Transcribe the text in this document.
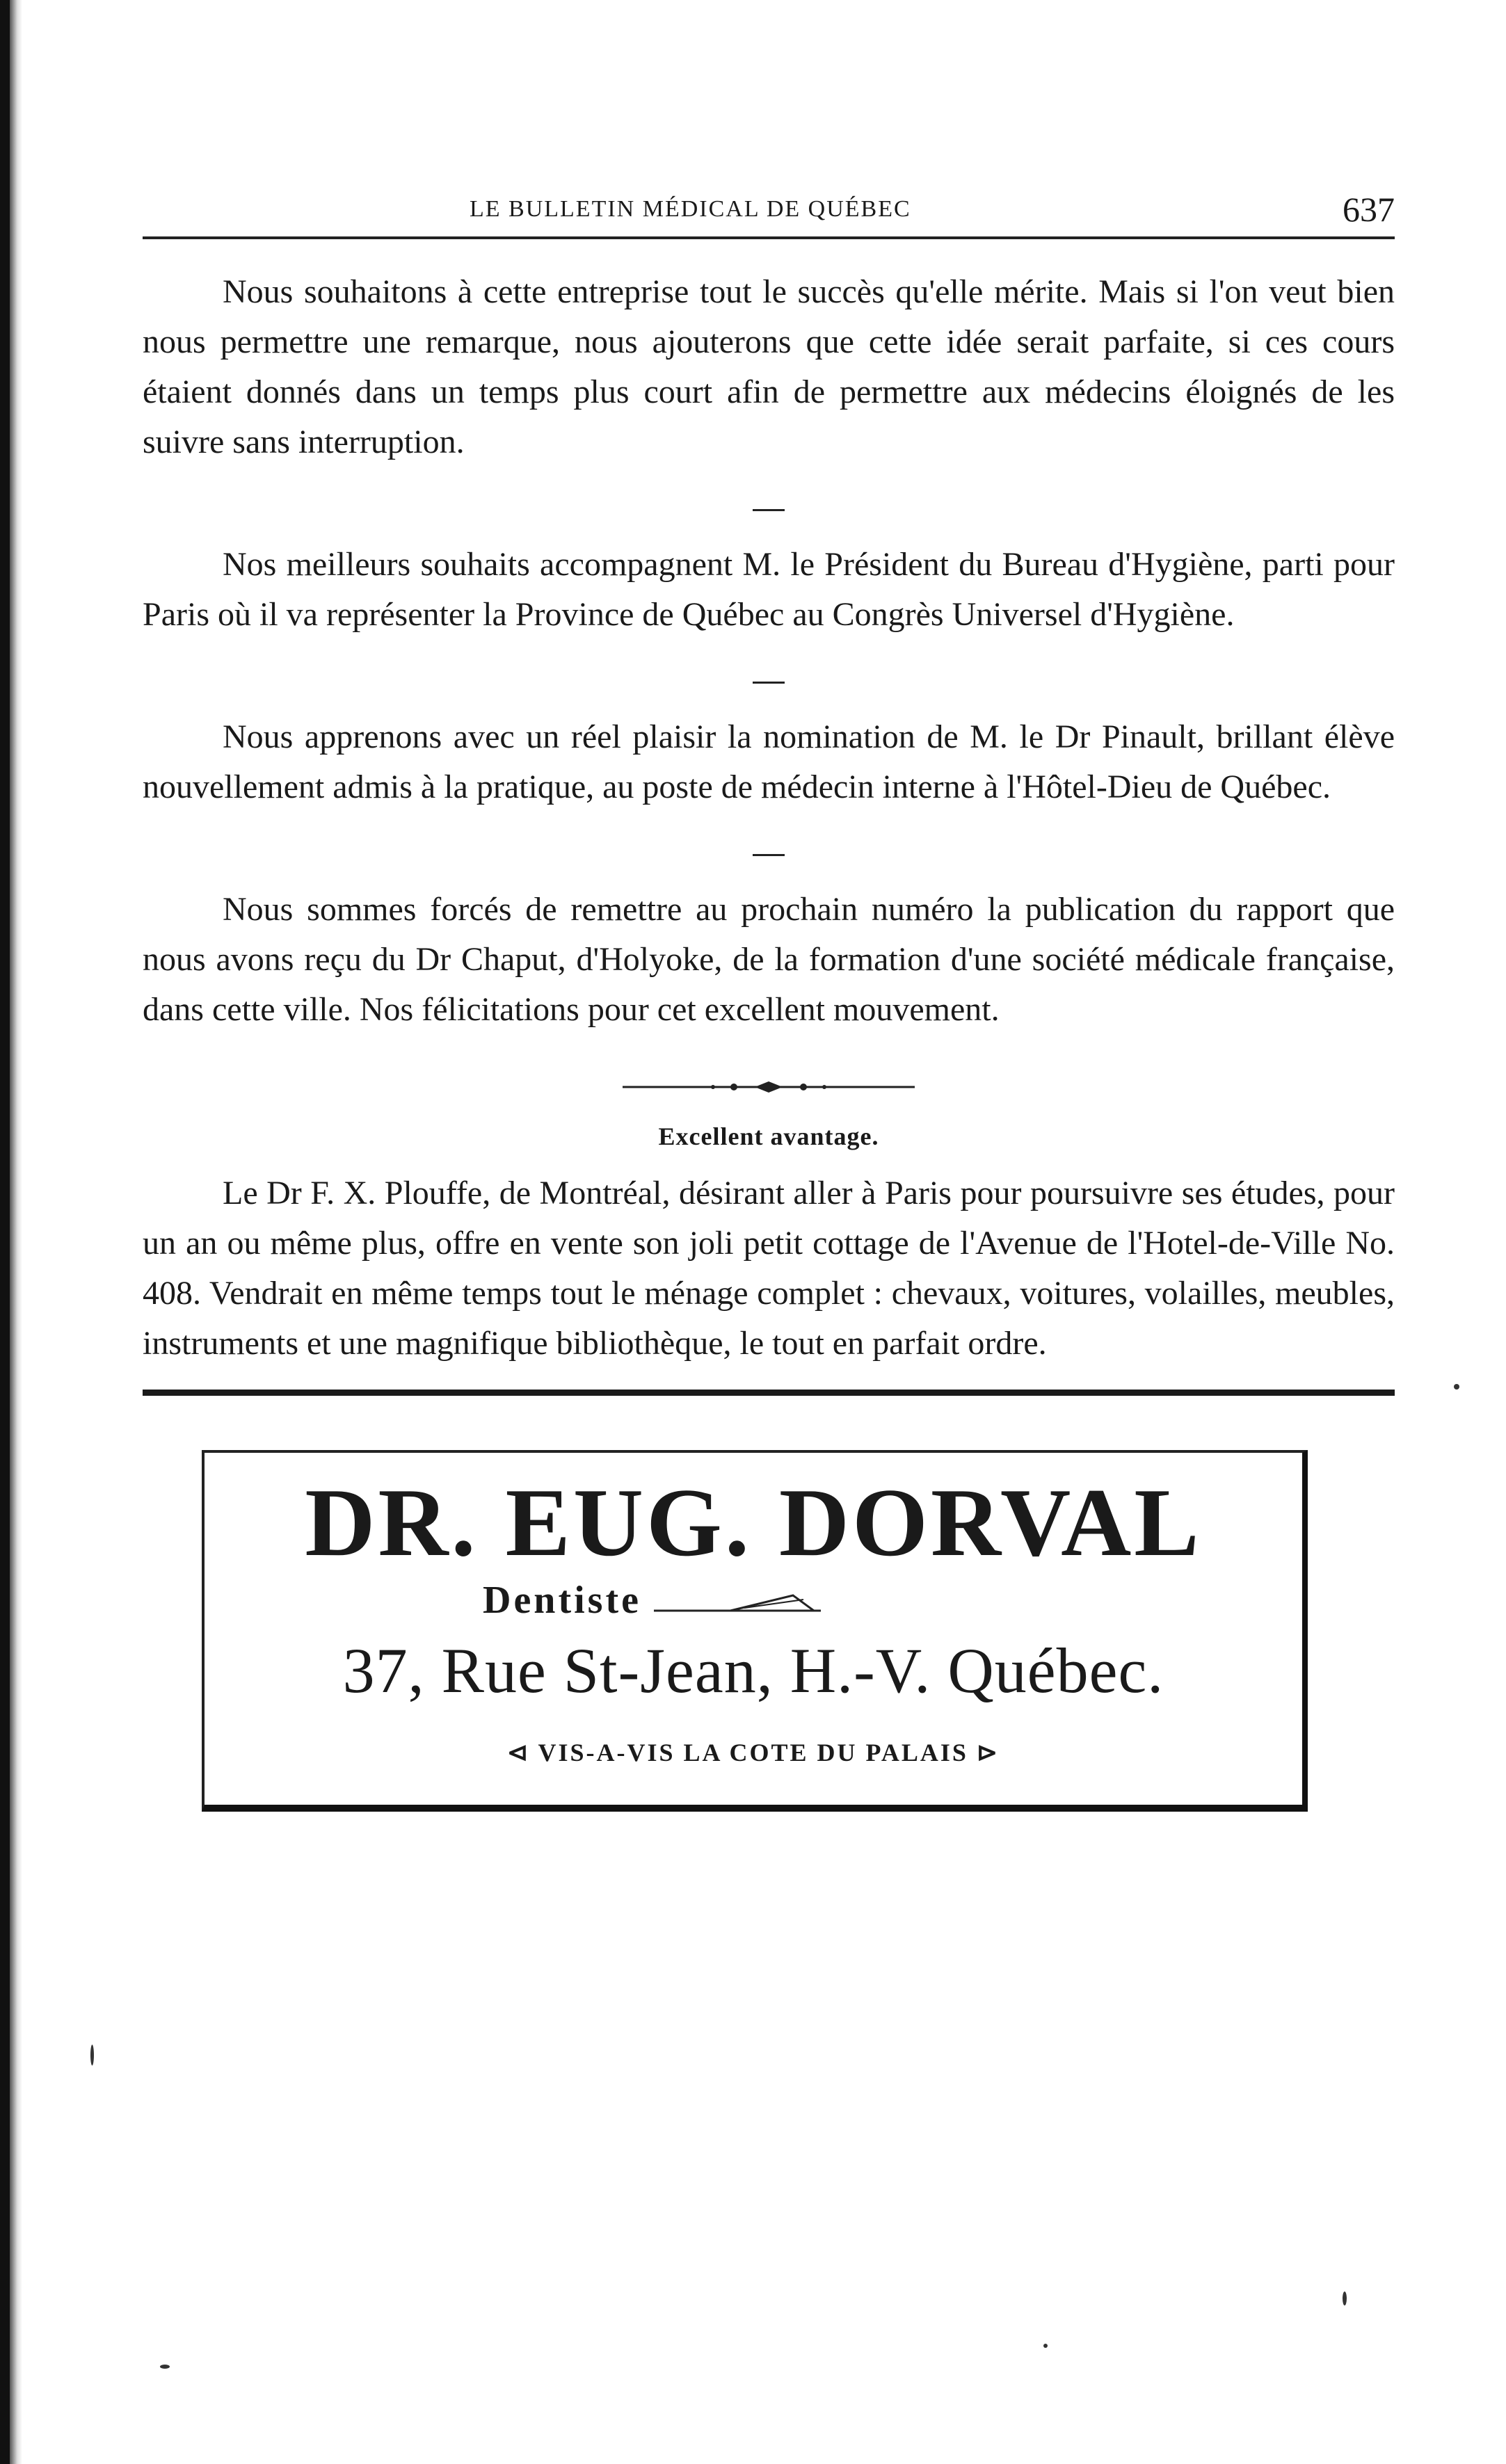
LE BULLETIN MÉDICAL DE QUÉBEC	637

Nous souhaitons à cette entreprise tout le succès qu'elle mérite. Mais si l'on veut bien nous permettre une remarque, nous ajouterons que cette idée serait parfaite, si ces cours étaient donnés dans un temps plus court afin de permettre aux médecins éloignés de les suivre sans interruption.

Nos meilleurs souhaits accompagnent M. le Président du Bureau d'Hygiène, parti pour Paris où il va représenter la Province de Québec au Congrès Universel d'Hygiène.

Nous apprenons avec un réel plaisir la nomination de M. le Dr Pinault, brillant élève nouvellement admis à la pratique, au poste de médecin interne à l'Hôtel-Dieu de Québec.

Nous sommes forcés de remettre au prochain numéro la publication du rapport que nous avons reçu du Dr Chaput, d'Holyoke, de la formation d'une société médicale française, dans cette ville. Nos félicitations pour cet excellent mouvement.

Excellent avantage.

Le Dr F. X. Plouffe, de Montréal, désirant aller à Paris pour poursuivre ses études, pour un an ou même plus, offre en vente son joli petit cottage de l'Avenue de l'Hotel-de-Ville No. 408. Vendrait en même temps tout le ménage complet : chevaux, voitures, volailles, meubles, instruments et une magnifique bibliothèque, le tout en parfait ordre.

DR. EUG. DORVAL
Dentiste
37, Rue St-Jean, H.-V. Québec.
⊲ VIS-A-VIS LA COTE DU PALAIS ⊳
